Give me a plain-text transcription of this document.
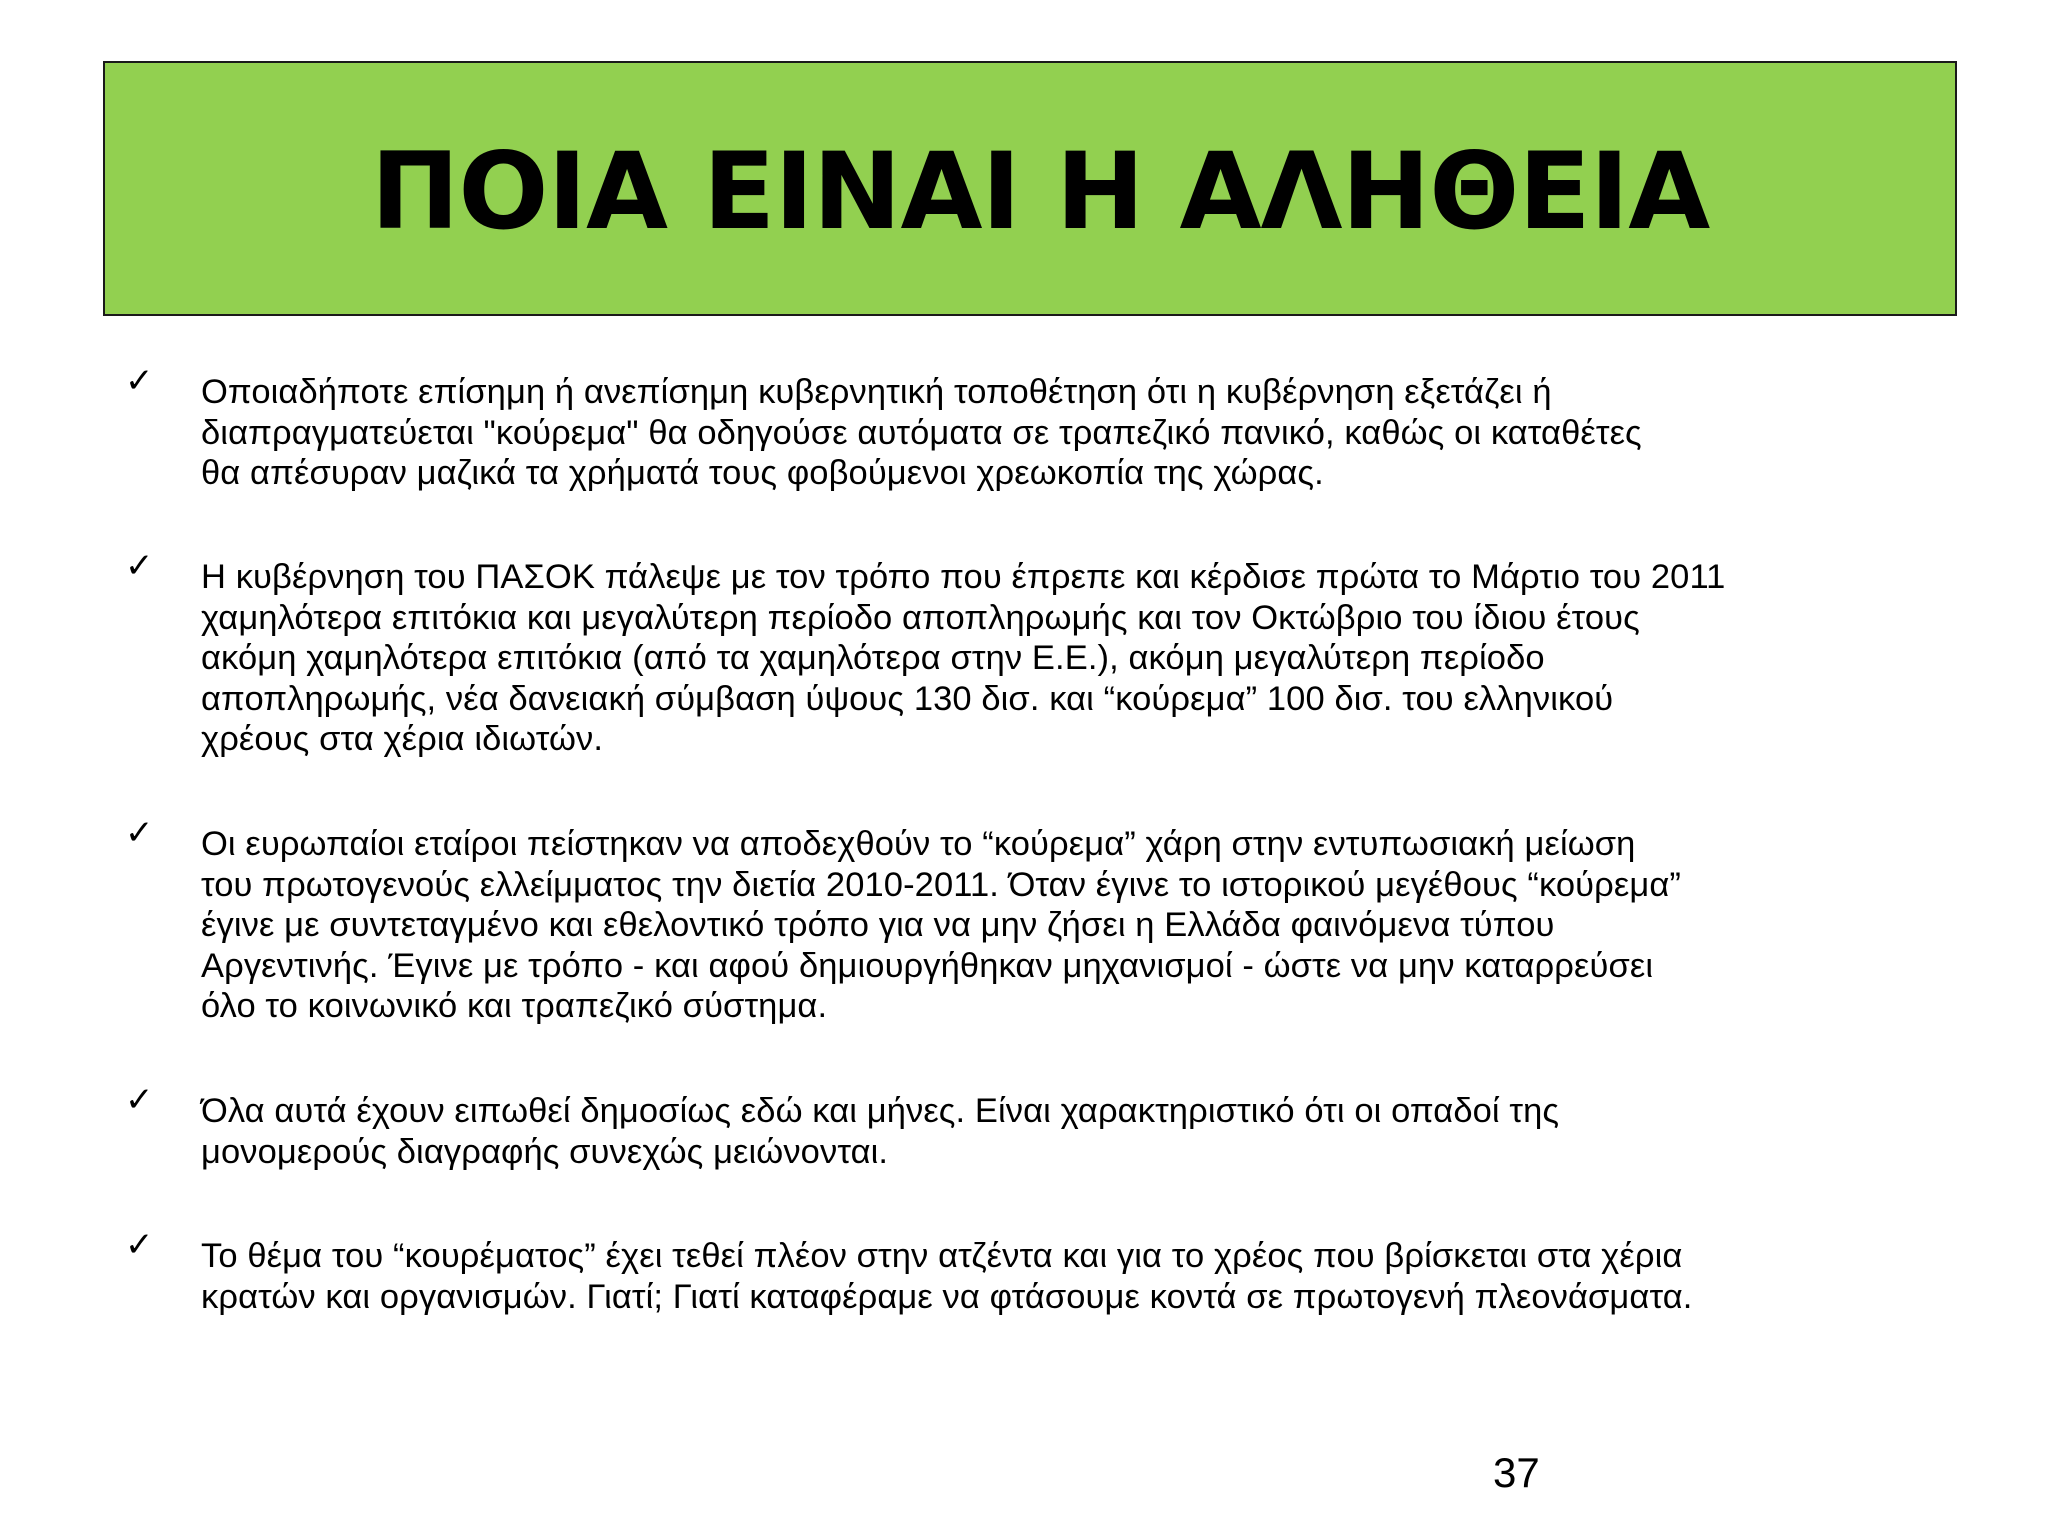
ΠΟΙΑ ΕΙΝΑΙ Η ΑΛΗΘΕΙΑ
✓ Οποιαδήποτε επίσημη ή ανεπίσημη κυβερνητική τοποθέτηση ότι η κυβέρνηση εξετάζει ή
διαπραγματεύεται "κούρεμα" θα οδηγούσε αυτόματα σε τραπεζικό πανικό, καθώς οι καταθέτες
θα απέσυραν μαζικά τα χρήματά τους φοβούμενοι χρεωκοπία της χώρας.
✓ Η κυβέρνηση του ΠΑΣΟΚ πάλεψε με τον τρόπο που έπρεπε και κέρδισε πρώτα το Μάρτιο του 2011
χαμηλότερα επιτόκια και μεγαλύτερη περίοδο αποπληρωμής και τον Οκτώβριο του ίδιου έτους
ακόμη χαμηλότερα επιτόκια (από τα χαμηλότερα στην Ε.Ε.), ακόμη μεγαλύτερη περίοδο
αποπληρωμής, νέα δανειακή σύμβαση ύψους 130 δισ. και “κούρεμα” 100 δισ. του ελληνικού
χρέους στα χέρια ιδιωτών.
✓ Οι ευρωπαίοι εταίροι πείστηκαν να αποδεχθούν το “κούρεμα” χάρη στην εντυπωσιακή μείωση
του πρωτογενούς ελλείμματος την διετία 2010-2011. Όταν έγινε το ιστορικού μεγέθους “κούρεμα”
έγινε με συντεταγμένο και εθελοντικό τρόπο για να μην ζήσει η Ελλάδα φαινόμενα τύπου
Αργεντινής. Έγινε με τρόπο - και αφού δημιουργήθηκαν μηχανισμοί - ώστε να μην καταρρεύσει
όλο το κοινωνικό και τραπεζικό σύστημα.
✓ Όλα αυτά έχουν ειπωθεί δημοσίως εδώ και μήνες. Είναι χαρακτηριστικό ότι οι οπαδοί της
μονομερούς διαγραφής συνεχώς μειώνονται.
✓ Το θέμα του “κουρέματος” έχει τεθεί πλέον στην ατζέντα και για το χρέος που βρίσκεται στα χέρια
κρατών και οργανισμών. Γιατί; Γιατί καταφέραμε να φτάσουμε κοντά σε πρωτογενή πλεονάσματα.
37
